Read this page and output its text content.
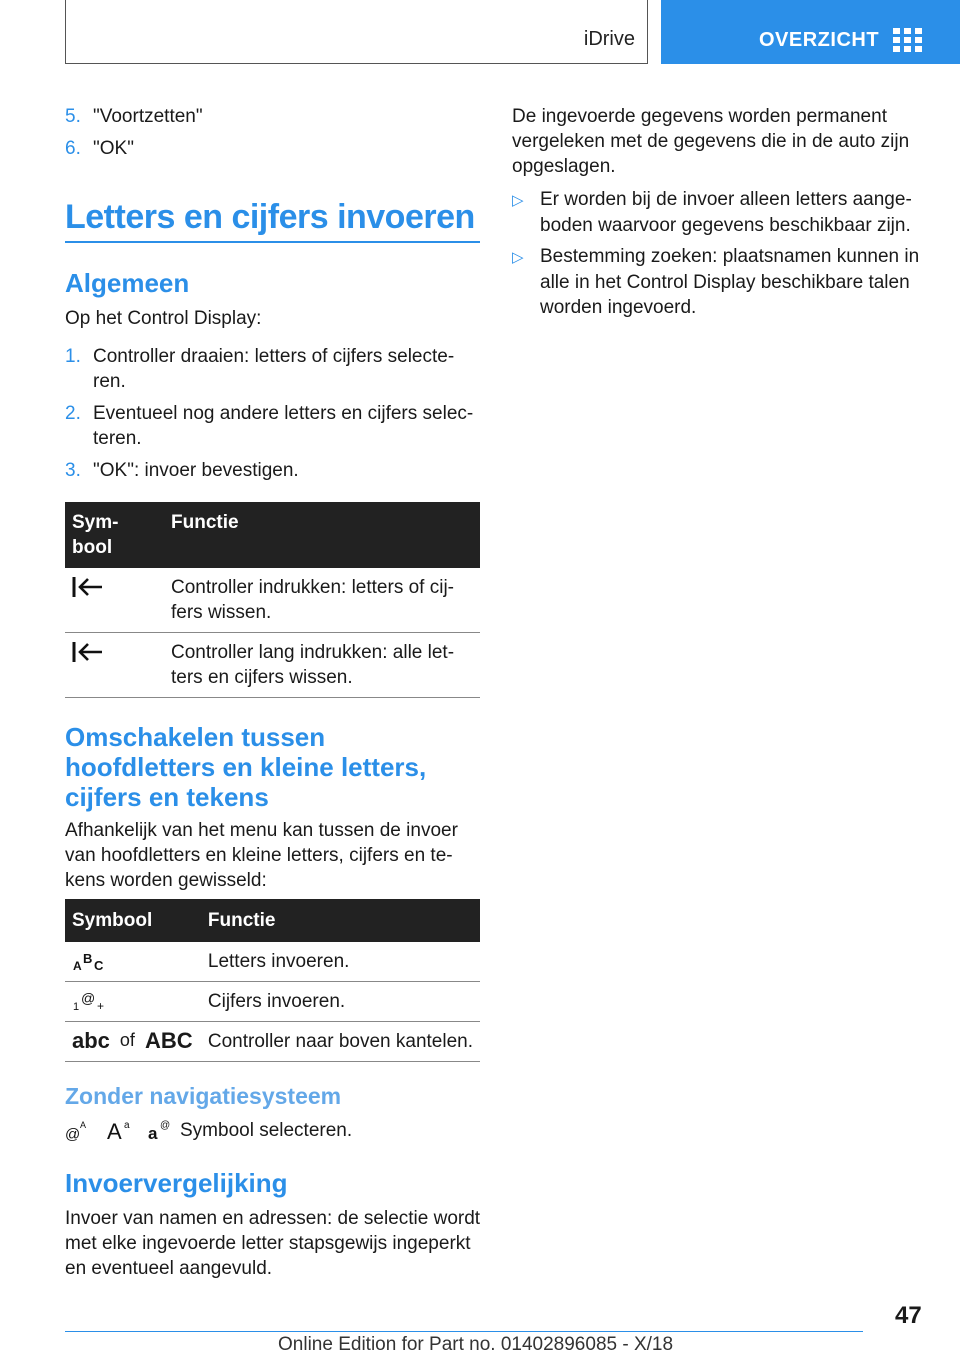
iDrive	OVERZICHT
5. "Voortzetten"
6. "OK"
Letters en cijfers invoeren
Algemeen
Op het Control Display:
1. Controller draaien: letters of cijfers selecte-
ren.
2. Eventueel nog andere letters en cijfers selec-
teren.
3. "OK": invoer bevestigen.
Sym-
bool	Functie

	Controller indrukken: letters of cij-
fers wissen.

	Controller lang indrukken: alle let-
ters en cijfers wissen.
Omschakelen tussen
hoofdletters en kleine letters,
cijfers en tekens
Afhankelijk van het menu kan tussen de invoer
van hoofdletters en kleine letters, cijfers en te-
kens worden gewisseld:
Symbool	Functie

A B C	Letters invoeren.

1
@ +	Cijfers invoeren.

abc of ABC	Controller naar boven kantelen.
Zonder navigatiesysteem
@
A A a a @ Symbool selecteren.
Invoervergelijking
Invoer van namen en adressen: de selectie wordt
met elke ingevoerde letter stapsgewijs ingeperkt
en eventueel aangevuld.
De ingevoerde gegevens worden permanent
vergeleken met de gegevens die in de auto zijn
opgeslagen.
▷ Er worden bij de invoer alleen letters aange-
boden waarvoor gegevens beschikbaar zijn.
▷ Bestemming zoeken: plaatsnamen kunnen in
alle in het Control Display beschikbare talen
worden ingevoerd.
47
Online Edition for Part no. 01402896085 - X/18
